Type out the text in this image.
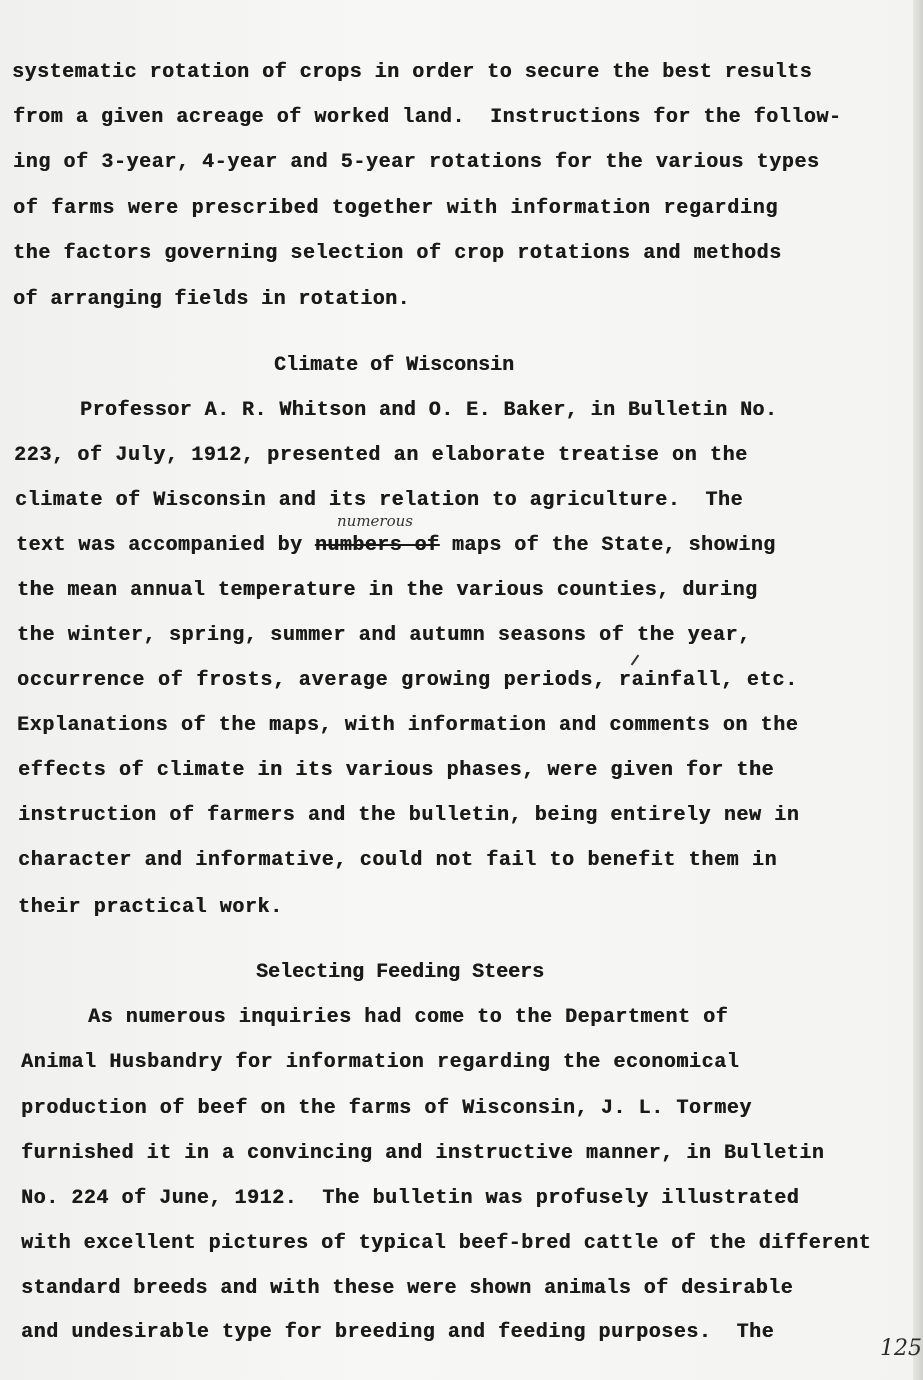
systematic rotation of crops in order to secure the best results
from a given acreage of worked land.  Instructions for the follow-
ing of 3-year, 4-year and 5-year rotations for the various types
of farms were prescribed together with information regarding
the factors governing selection of crop rotations and methods
of arranging fields in rotation.
Climate of Wisconsin
Professor A. R. Whitson and O. E. Baker, in Bulletin No.
223, of July, 1912, presented an elaborate treatise on the
climate of Wisconsin and its relation to agriculture.  The
numerous
text was accompanied by numbers of maps of the State, showing
the mean annual temperature in the various counties, during
the winter, spring, summer and autumn seasons of the year,
occurrence of frosts, average growing periods, rainfall, etc.
Explanations of the maps, with information and comments on the
effects of climate in its various phases, were given for the
instruction of farmers and the bulletin, being entirely new in
character and informative, could not fail to benefit them in
their practical work.
Selecting Feeding Steers
As numerous inquiries had come to the Department of
Animal Husbandry for information regarding the economical
production of beef on the farms of Wisconsin, J. L. Tormey
furnished it in a convincing and instructive manner, in Bulletin
No. 224 of June, 1912.  The bulletin was profusely illustrated
with excellent pictures of typical beef-bred cattle of the different
standard breeds and with these were shown animals of desirable
and undesirable type for breeding and feeding purposes.  The
125
